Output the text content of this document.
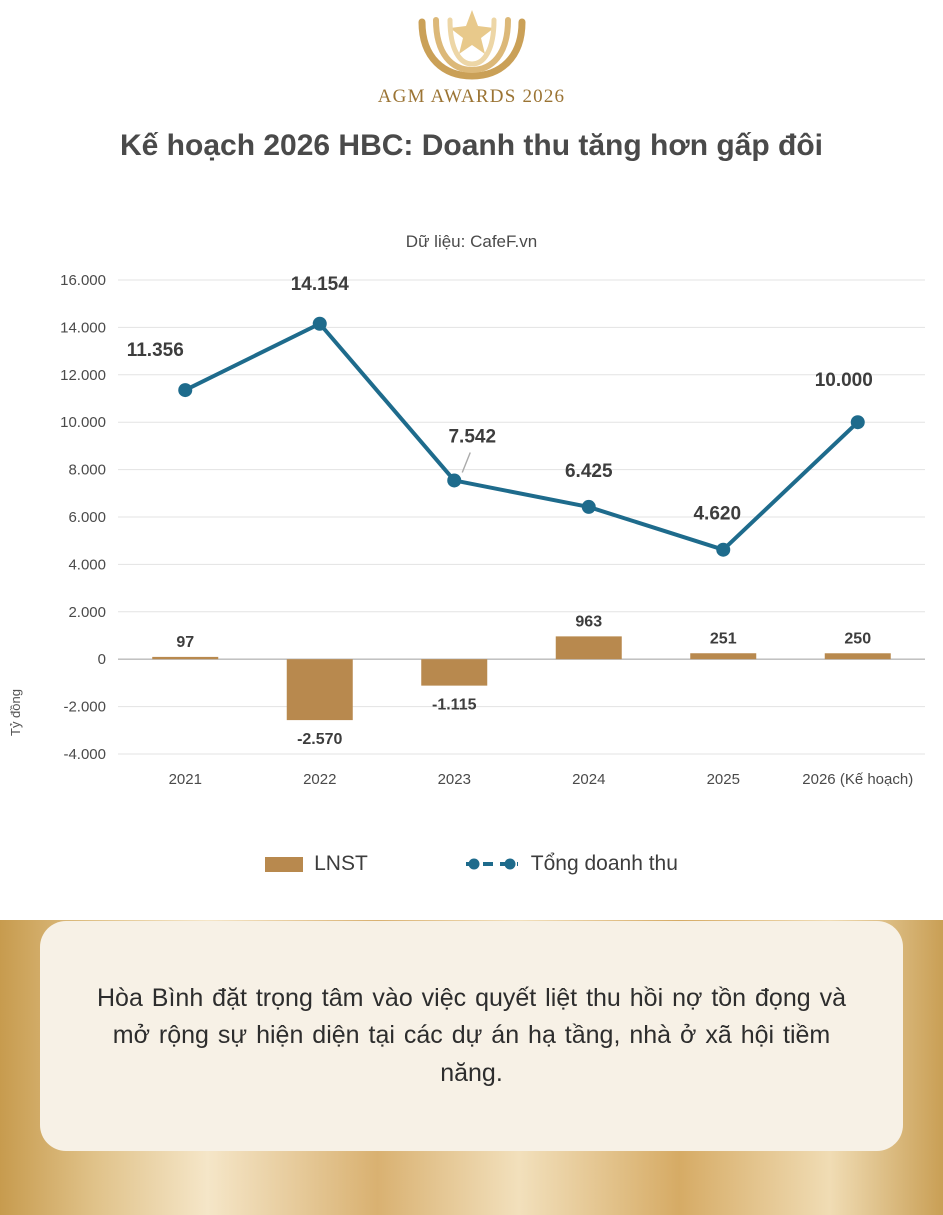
AGM AWARDS 2026
Kế hoạch 2026 HBC: Doanh thu tăng hơn gấp đôi
Dữ liệu: CafeF.vn
Tỷ đồng
16.000
14.000
12.000
10.000
8.000
6.000
4.000
2.000
0
-2.000
-4.000
2021	2022	2023	2024	2025	2026 (Kế hoạch)
97
-2.570
-1.115
963
251	250
11.356
14.154
7.542
6.425
4.620
10.000
LNST	Tổng doanh thu
Hòa Bình đặt trọng tâm vào việc quyết liệt thu hồi nợ tồn đọng và mở rộng sự hiện diện tại các dự án hạ tầng, nhà ở xã hội tiềm năng.
